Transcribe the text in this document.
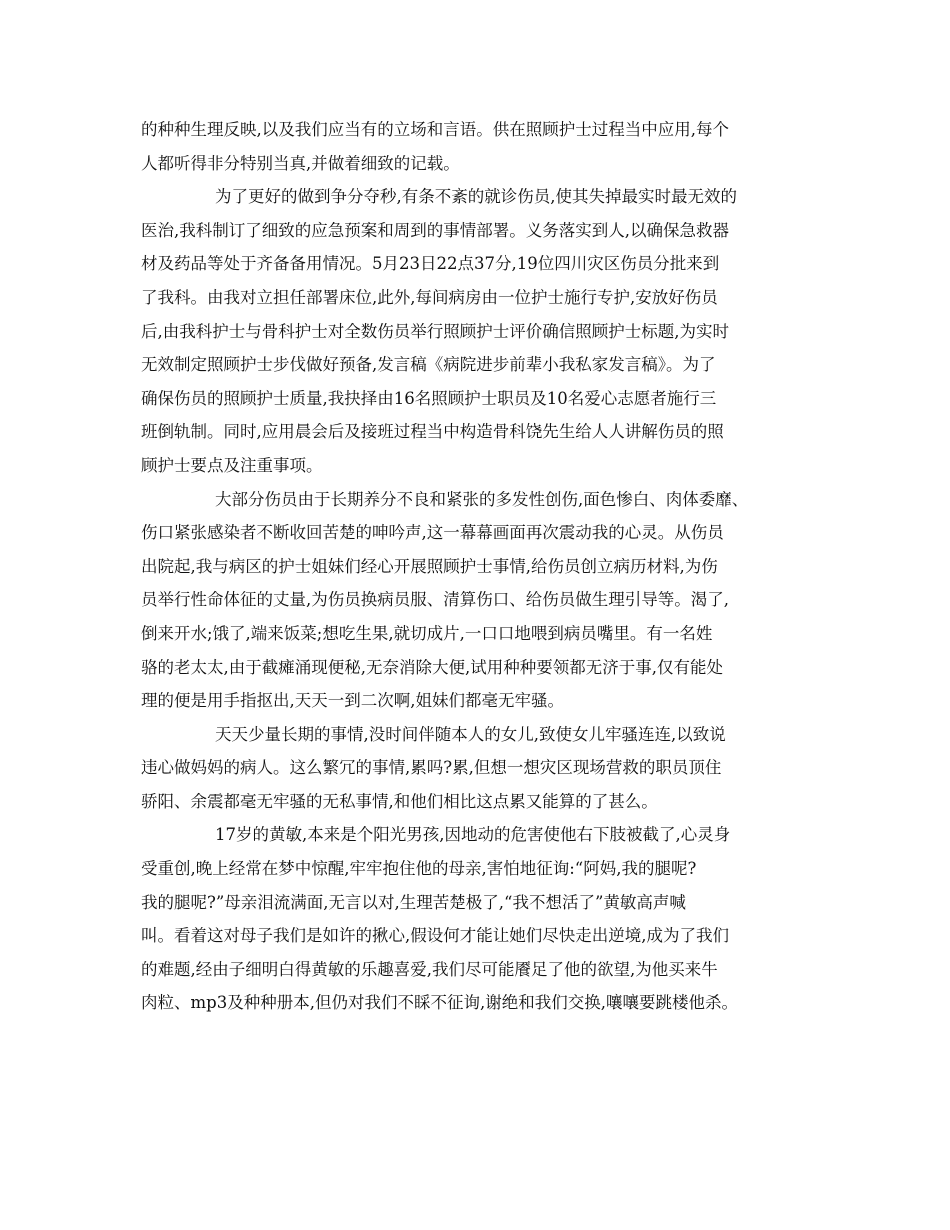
的种种生理反映,以及我们应当有的立场和言语。供在照顾护士过程当中应用,每个
人都听得非分特别当真,并做着细致的记载。
为了更好的做到争分夺秒,有条不紊的就诊伤员,使其失掉最实时最无效的
医治,我科制订了细致的应急预案和周到的事情部署。义务落实到人,以确保急救器
材及药品等处于齐备备用情况。5月23日22点37分,19位四川灾区伤员分批来到
了我科。由我对立担任部署床位,此外,每间病房由一位护士施行专护,安放好伤员
后,由我科护士与骨科护士对全数伤员举行照顾护士评价确信照顾护士标题,为实时
无效制定照顾护士步伐做好预备,发言稿《病院进步前辈小我私家发言稿》。为了
确保伤员的照顾护士质量,我抉择由16名照顾护士职员及10名爱心志愿者施行三
班倒轨制。同时,应用晨会后及接班过程当中构造骨科饶先生给人人讲解伤员的照
顾护士要点及注重事项。
大部分伤员由于长期养分不良和紧张的多发性创伤,面色惨白、肉体委靡、
伤口紧张感染者不断收回苦楚的呻吟声,这一幕幕画面再次震动我的心灵。从伤员
出院起,我与病区的护士姐妹们经心开展照顾护士事情,给伤员创立病历材料,为伤
员举行性命体征的丈量,为伤员换病员服、清算伤口、给伤员做生理引导等。渴了,
倒来开水;饿了,端来饭菜;想吃生果,就切成片,一口口地喂到病员嘴里。有一名姓
骆的老太太,由于截瘫涌现便秘,无奈消除大便,试用种种要领都无济于事,仅有能处
理的便是用手指抠出,天天一到二次啊,姐妹们都毫无牢骚。
天天少量长期的事情,没时间伴随本人的女儿,致使女儿牢骚连连,以致说
违心做妈妈的病人。这么繁冗的事情,累吗?累,但想一想灾区现场营救的职员顶住
骄阳、余震都毫无牢骚的无私事情,和他们相比这点累又能算的了甚么。
17岁的黄敏,本来是个阳光男孩,因地动的危害使他右下肢被截了,心灵身
受重创,晚上经常在梦中惊醒,牢牢抱住他的母亲,害怕地征询:“阿妈,我的腿呢?
我的腿呢?”母亲泪流满面,无言以对,生理苦楚极了,“我不想活了”黄敏高声喊
叫。看着这对母子我们是如许的揪心,假设何才能让她们尽快走出逆境,成为了我们
的难题,经由子细明白得黄敏的乐趣喜爱,我们尽可能餍足了他的欲望,为他买来牛
肉粒、mp3及种种册本,但仍对我们不睬不征询,谢绝和我们交换,嚷嚷要跳楼他杀。
